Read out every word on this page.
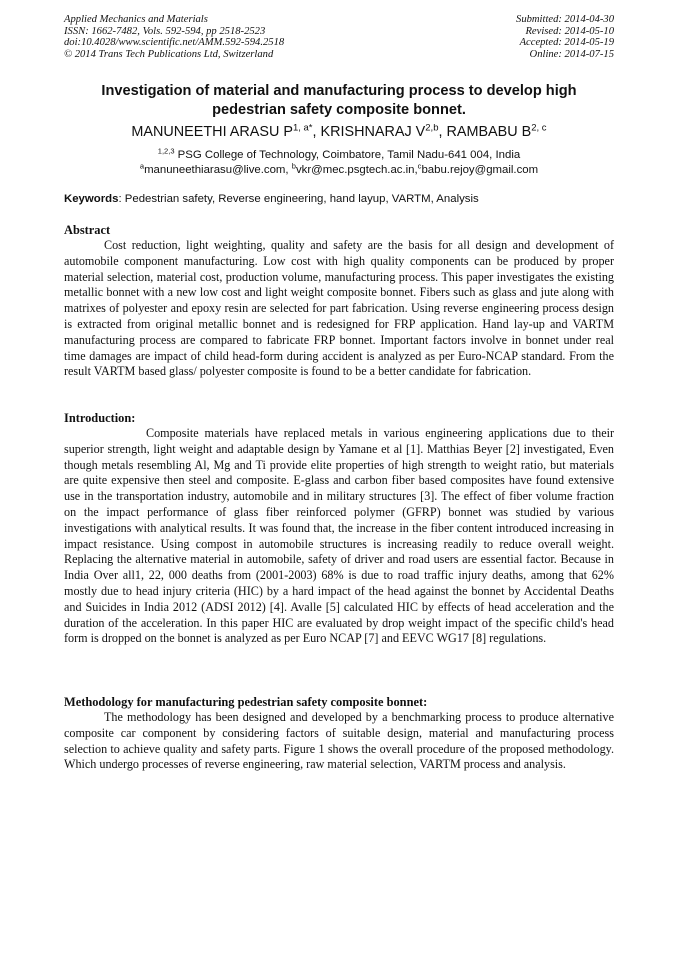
Applied Mechanics and Materials
ISSN: 1662-7482, Vols. 592-594, pp 2518-2523
doi:10.4028/www.scientific.net/AMM.592-594.2518
© 2014 Trans Tech Publications Ltd, Switzerland
Submitted: 2014-04-30
Revised: 2014-05-10
Accepted: 2014-05-19
Online: 2014-07-15
Investigation of material and manufacturing process to develop high pedestrian safety composite bonnet.
MANUNEETHI ARASU $P^{1, a*}$, KRISHNARAJ V$^{2,b}$, RAMBABU B$^{2, c}$
$^{1,2,3}$ PSG College of Technology, Coimbatore, Tamil Nadu-641 004, India
$^a$manuneethiarasu@live.com, $^b$vkr@mec.psgtech.ac.in,$^c$babu.rejoy@gmail.com
Keywords: Pedestrian safety, Reverse engineering, hand layup, VARTM, Analysis
Abstract
Cost reduction, light weighting, quality and safety are the basis for all design and development of automobile component manufacturing. Low cost with high quality components can be produced by proper material selection, material cost, production volume, manufacturing process. This paper investigates the existing metallic bonnet with a new low cost and light weight composite bonnet. Fibers such as glass and jute along with matrixes of polyester and epoxy resin are selected for part fabrication. Using reverse engineering process design is extracted from original metallic bonnet and is redesigned for FRP application. Hand lay-up and VARTM manufacturing process are compared to fabricate FRP bonnet. Important factors involve in bonnet under real time damages are impact of child head-form during accident is analyzed as per Euro-NCAP standard. From the result VARTM based glass/ polyester composite is found to be a better candidate for fabrication.
Introduction:
Composite materials have replaced metals in various engineering applications due to their superior strength, light weight and adaptable design by Yamane et al [1]. Matthias Beyer [2] investigated, Even though metals resembling Al, Mg and Ti provide elite properties of high strength to weight ratio, but materials are quite expensive then steel and composite. E-glass and carbon fiber based composites have found extensive use in the transportation industry, automobile and in military structures [3]. The effect of fiber volume fraction on the impact performance of glass fiber reinforced polymer (GFRP) bonnet was studied by various investigations with analytical results. It was found that, the increase in the fiber content introduced increasing in impact resistance. Using compost in automobile structures is increasing readily to reduce overall weight. Replacing the alternative material in automobile, safety of driver and road users are essential factor. Because in India Over all1, 22, 000 deaths from (2001-2003) 68% is due to road traffic injury deaths, among that 62% mostly due to head injury criteria (HIC) by a hard impact of the head against the bonnet by Accidental Deaths and Suicides in India 2012 (ADSI 2012) [4]. Avalle [5] calculated HIC by effects of head acceleration and the duration of the acceleration. In this paper HIC are evaluated by drop weight impact of the specific child's head form is dropped on the bonnet is analyzed as per Euro NCAP [7] and EEVC WG17 [8] regulations.
Methodology for manufacturing pedestrian safety composite bonnet:
The methodology has been designed and developed by a benchmarking process to produce alternative composite car component by considering factors of suitable design, material and manufacturing process selection to achieve quality and safety parts. Figure 1 shows the overall procedure of the proposed methodology. Which undergo processes of reverse engineering, raw material selection, VARTM process and analysis.
